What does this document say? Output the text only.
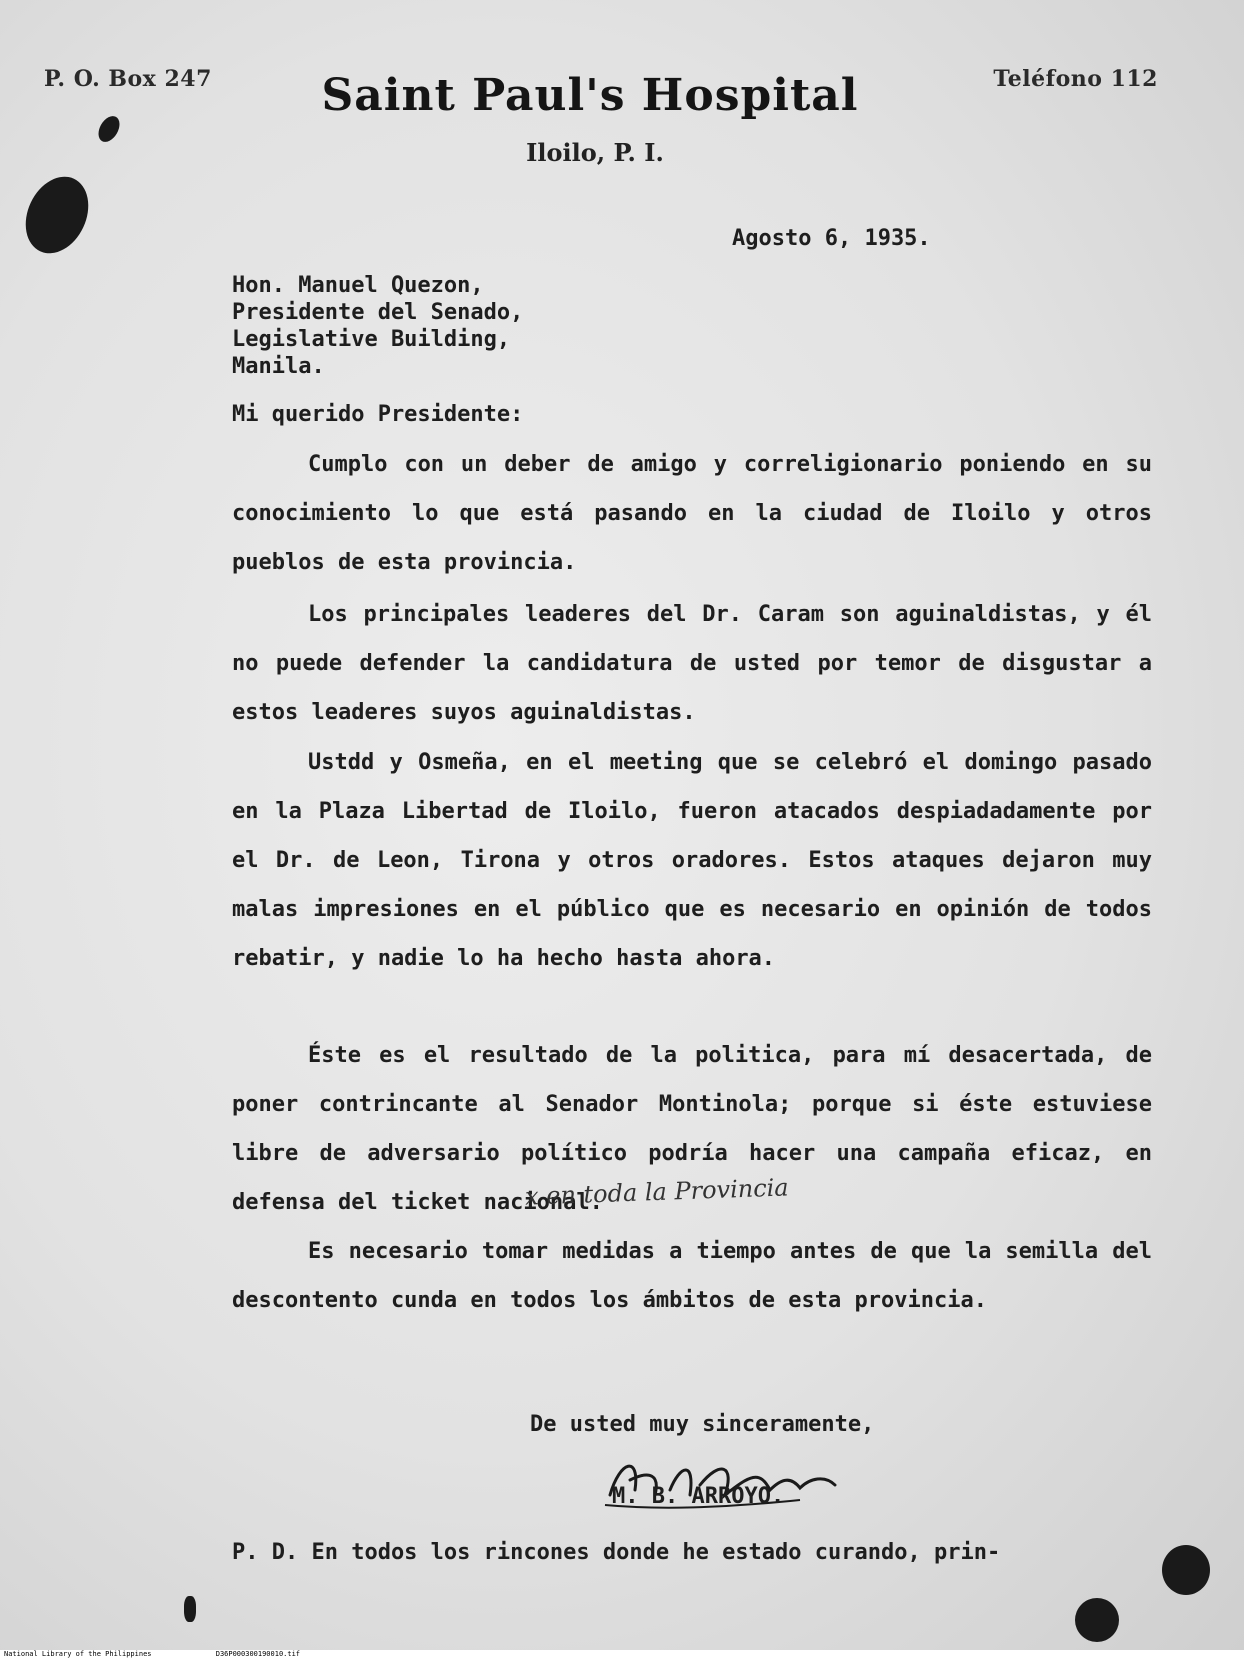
P. O. Box 247	Saint Paul's Hospital
Iloilo, P. I.
Teléfono 112
Agosto 6, 1935.
Hon. Manuel Quezon,
Presidente del Senado,
Legislative Building,
Manila.
Mi querido Presidente:
Cumplo con un deber de amigo y correligionario poniendo en su conocimiento lo que está pasando en la ciudad de Iloilo y otros pueblos de esta provincia.
Los principales leaderes del Dr. Caram son aguinaldistas, y él no puede defender la candidatura de usted por temor de disgustar a estos leaderes suyos aguinaldistas.
Ustdd y Osmeña, en el meeting que se celebró el domingo pasado en la Plaza Libertad de Iloilo, fueron atacados despiadadamente por el Dr. de Leon, Tirona y otros oradores. Estos ataques dejaron muy malas impresiones en el público que es necesario en opinión de todos rebatir, y nadie lo ha hecho hasta ahora.
Éste es el resultado de la politica, para mí desacertada, de poner contrincante al Senador Montinola; porque si éste estuviese libre de adversario político podría hacer una campaña eficaz, en defensa del ticket nacional.
Es necesario tomar medidas a tiempo antes de que la semilla del descontento cunda en todos los ámbitos de esta provincia.
x en toda la Provincia
De usted muy sinceramente,
M. B. ARROYO.
P. D. En todos los rincones donde he estado curando, prin-
National Library of the Philippines	D36P000300190010.tif
